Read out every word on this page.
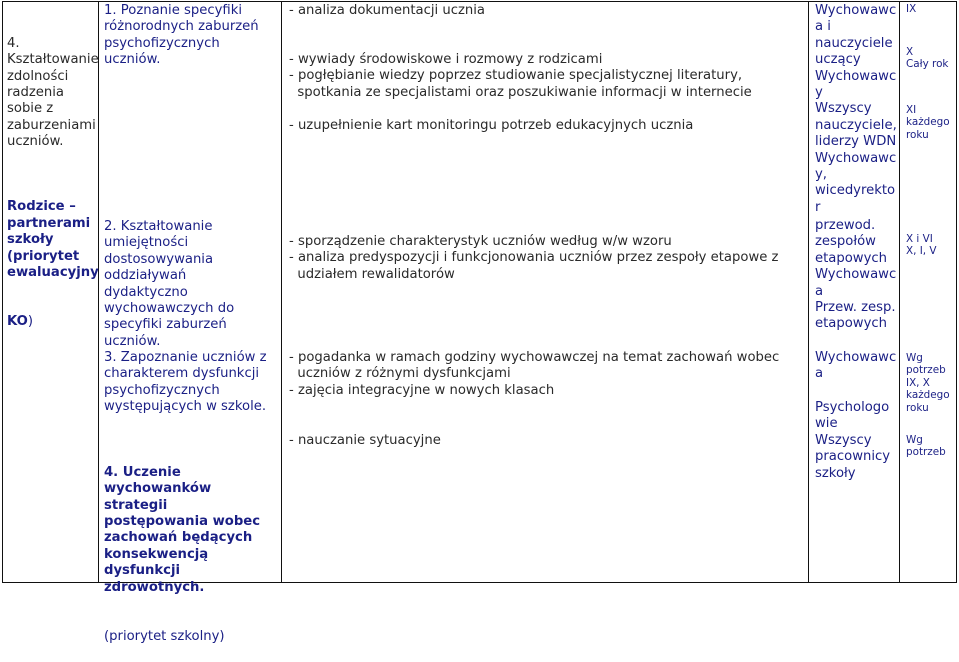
4.
Kształtowanie
zdolności
radzenia
sobie z
zaburzeniami
uczniów.

Rodzice –
partnerami
szkoły
(priorytet
ewaluacyjny

KO)

1. Poznanie specyfiki
różnorodnych zaburzeń
psychofizycznych
uczniów.
2. Kształtowanie
umiejętności
dostosowywania
oddziaływań
dydaktyczno
wychowawczych do
specyfiki zaburzeń
uczniów.
3. Zapoznanie uczniów z
charakterem dysfunkcji
psychofizycznych
występujących w szkole.

4. Uczenie
wychowanków
strategii
postępowania wobec
zachowań będących
konsekwencją
dysfunkcji
zdrowotnych.

(priorytet szkolny)

- analiza dokumentacji ucznia
- wywiady środowiskowe i rozmowy z rodzicami
- pogłębianie wiedzy poprzez studiowanie specjalistycznej literatury,
spotkania ze specjalistami oraz poszukiwanie informacji w internecie
- uzupełnienie kart monitoringu potrzeb edukacyjnych ucznia
- sporządzenie charakterystyk uczniów według w/w wzoru
- analiza predyspozycji i funkcjonowania uczniów przez zespoły etapowe z
udziałem rewalidatorów
- pogadanka w ramach godziny wychowawczej na temat zachowań wobec
uczniów z różnymi dysfunkcjami
- zajęcia integracyjne w nowych klasach
- nauczanie sytuacyjne
Wychowawc
a i
nauczyciele
uczący
Wychowawc
y
Wszyscy
nauczyciele,
liderzy WDN
Wychowawc
y,
wicedyrekto
r
przewod.
zespołów
etapowych
Wychowawc
a
Przew. zesp.
etapowych
Wychowawc
a
Psychologo
wie
Wszyscy
pracownicy
szkoły
IX
X
Cały rok
XI
każdego
roku
X i VI
X, I, V
Wg
potrzeb
IX, X
każdego
roku
Wg
potrzeb
